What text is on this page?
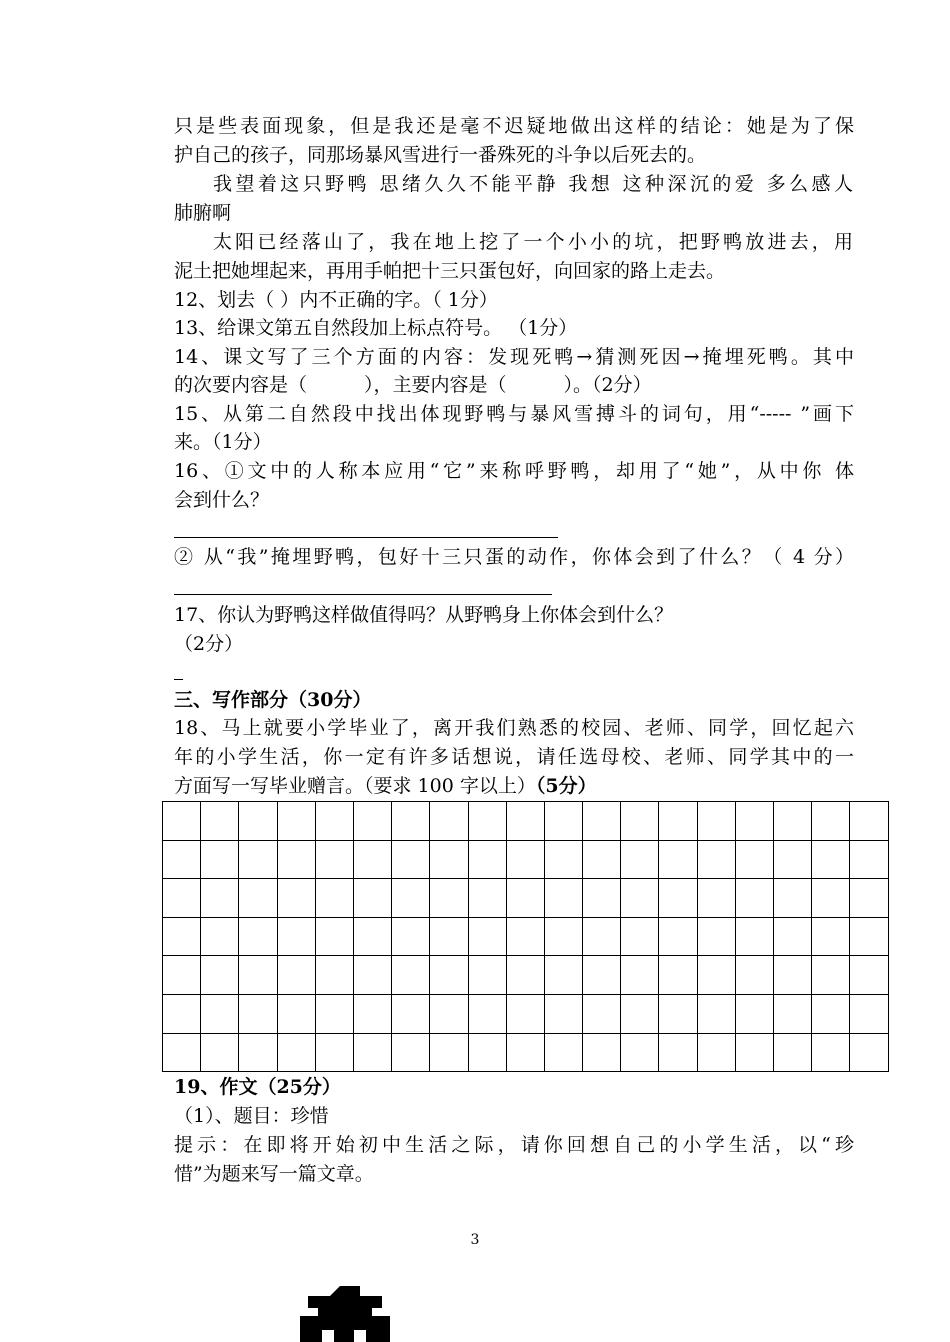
只是些表面现象，但是我还是毫不迟疑地做出这样的结论：她是为了保
护自己的孩子，同那场暴风雪进行一番殊死的斗争以后死去的。
我望着这只野鸭 思绪久久不能平静 我想 这种深沉的爱 多么感人
肺腑啊
太阳已经落山了，我在地上挖了一个小小的坑，把野鸭放进去，用
泥土把她埋起来，再用手帕把十三只蛋包好，向回家的路上走去。
12、划去（ ）内不正确的字。（ 1分）
13、给课文第五自然段加上标点符号。 （1分）
14、课文写了三个方面的内容：发现死鸭→猜测死因→掩埋死鸭。其中
的次要内容是（　　　），主要内容是（　　　）。（2分）
15、从第二自然段中找出体现野鸭与暴风雪搏斗的词句，用“----- ”画下
来。（1分）
16、①文中的人称本应用“它”来称呼野鸭，却用了“她”，从中你 体
会到什么？
② 从“我”掩埋野鸭，包好十三只蛋的动作，你体会到了什么？（ 4 分）
17、你认为野鸭这样做值得吗？从野鸭身上你体会到什么？
（2分）
三、写作部分（30分）
18、马上就要小学毕业了，离开我们熟悉的校园、老师、同学，回忆起六
年的小学生活，你一定有许多话想说，请任选母校、老师、同学其中的一
方面写一写毕业赠言。（要求 100 字以上）（5分）

19、作文（25分）
（1）、题目：珍惜
提示：在即将开始初中生活之际，请你回想自己的小学生活，以“珍
惜”为题来写一篇文章。
3
